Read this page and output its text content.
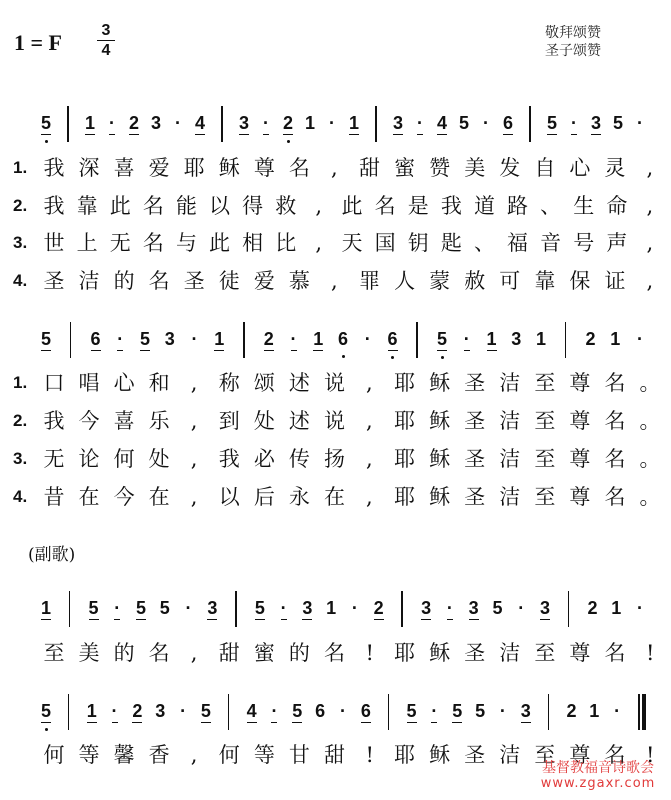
1 = F	3
4
敬拜颂赞
圣子颂赞
5 1 · 2 3 · 4 3 · 2 1 · 1 3 · 4 5 · 6 5 · 3 5 ·
1. 我 深 喜 爱 耶 稣 尊 名 , 甜 蜜 赞 美 发 自 心 灵 ,
2. 我 靠 此 名 能 以 得 救 , 此 名 是 我 道 路 、 生 命 ,
3. 世 上 无 名 与 此 相 比 , 天 国 钥 匙 、 福 音 号 声 ,
4. 圣 洁 的 名 圣 徒 爱 慕 , 罪 人 蒙 赦 可 靠 保 证 ,
5 6 · 5 3 · 1 2 · 1 6 · 6 5 · 1 3 1 2 1 ·
1. 口 唱 心 和 , 称 颂 述 说 , 耶 稣 圣 洁 至 尊 名 。
2. 我 今 喜 乐 , 到 处 述 说 , 耶 稣 圣 洁 至 尊 名 。
3. 无 论 何 处 , 我 必 传 扬 , 耶 稣 圣 洁 至 尊 名 。
4. 昔 在 今 在 , 以 后 永 在 , 耶 稣 圣 洁 至 尊 名 。
1 5 · 5 5 · 3 5 · 3 1 · 2 3 · 3 5 · 3 2 1 ·
至 美 的 名 , 甜 蜜 的 名 ! 耶 稣 圣 洁 至 尊 名 !
5 1 · 2 3 · 5 4 · 5 6 · 6 5 · 5 5 · 3 2 1 ·
何 等 馨 香 , 何 等 甘 甜 ! 耶 稣 圣 洁 至 尊 名 !
(副歌)
基督教福音诗歌会
www.zgaxr.com
